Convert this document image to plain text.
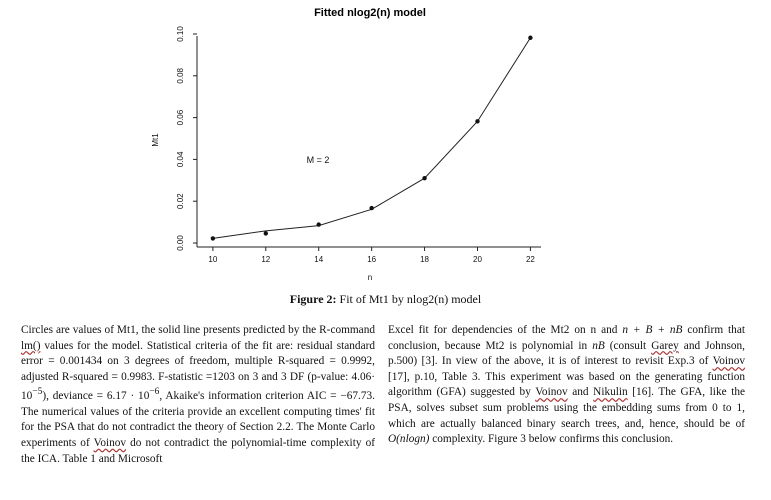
Fitted nlog2(n) model
10	12	14	16	18	20	22
0.00
0.02
0.04
0.06
0.08
0.10
n
Mt1
M = 2
Figure 2: Fit of Mt1 by nlog2(n) model

Circles are values of Mt1, the solid line presents predicted by the R-command lm() values for the model. Statistical criteria of the fit are: residual standard error = 0.001434 on 3 degrees of freedom, multiple R-squared = 0.9992, adjusted R-squared = 0.9983. F-statistic =1203 on 3 and 3 DF (p-value: $4.06\cdot 10^{-5}$), deviance = $6.17 \cdot 10^{-6}$, Akaike's information criterion AIC = −67.73. The numerical values of the criteria provide an excellent computing times' fit for the PSA that do not contradict the theory of Section 2.2. The Monte Carlo experiments of Voinov do not contradict the polynomial-time complexity of the ICA. Table 1 and Microsoft

Excel fit for dependencies of the Mt2 on n and n + B + nB confirm that conclusion, because Mt2 is polynomial in nB (consult Garey and Johnson, p.500) [3]. In view of the above, it is of interest to revisit Exp.3 of Voinov [17], p.10, Table 3. This experiment was based on the generating function algorithm (GFA) suggested by Voinov and Nikulin [16]. The GFA, like the PSA, solves subset sum problems using the embedding sums from 0 to 1, which are actually balanced binary search trees, and, hence, should be of O(nlogn) complexity. Figure 3 below confirms this conclusion.
